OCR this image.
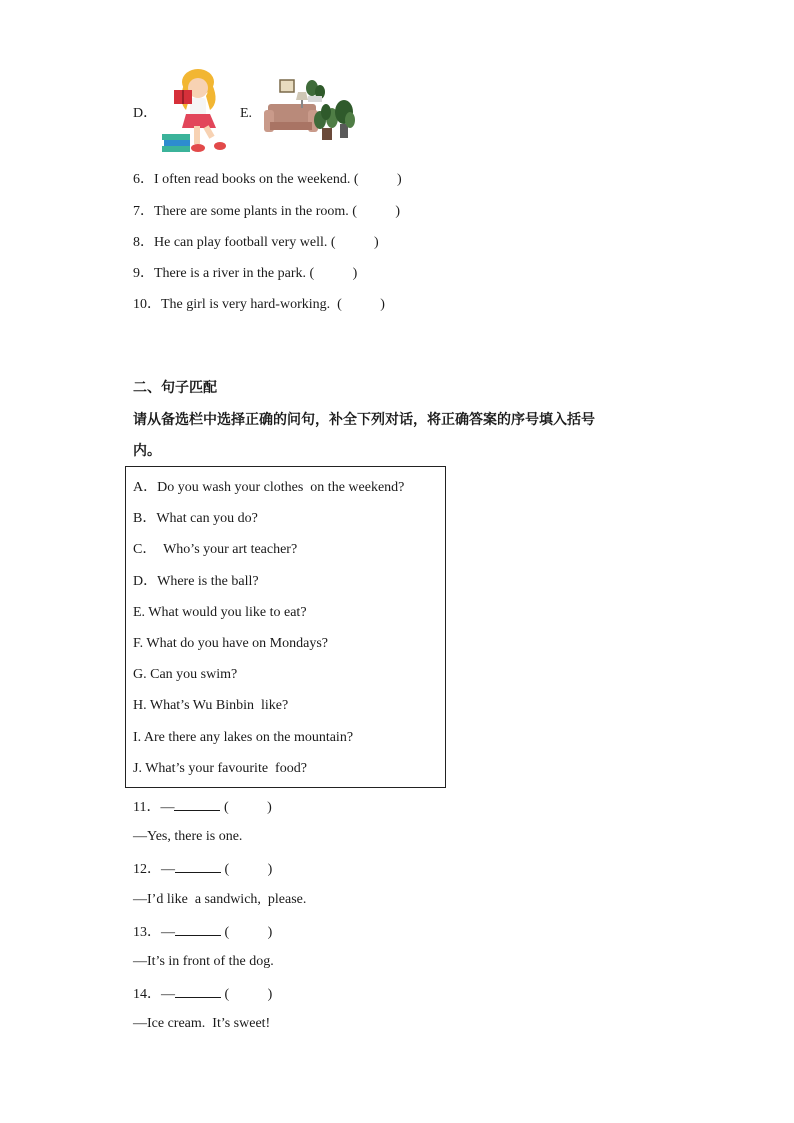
D．	E.
6．I often read books on the weekend. (           )
7．There are some plants in the room. (           )
8．He can play football very well. (           )
9．There is a river in the park. (           )
10．The girl is very hard-working.  (           )
二、句子匹配
请从备选栏中选择正确的问句，补全下列对话，将正确答案的序号填入括号
内。
A．Do you wash your clothes  on the weekend?
B．What can you do?
C．  Who’s your art teacher?
D．Where is the ball?
E. What would you like to eat?
F. What do you have on Mondays?
G. Can you swim?
H. What’s Wu Binbin  like?
I. Are there any lakes on the mountain?
J. What’s your favourite  food?
11．—	(           )
—Yes, there is one.
12．—	(           )
—I’d like  a sandwich,  please.
13．—	(           )
—It’s in front of the dog.
14．—	(           )
—Ice cream.  It’s sweet!
